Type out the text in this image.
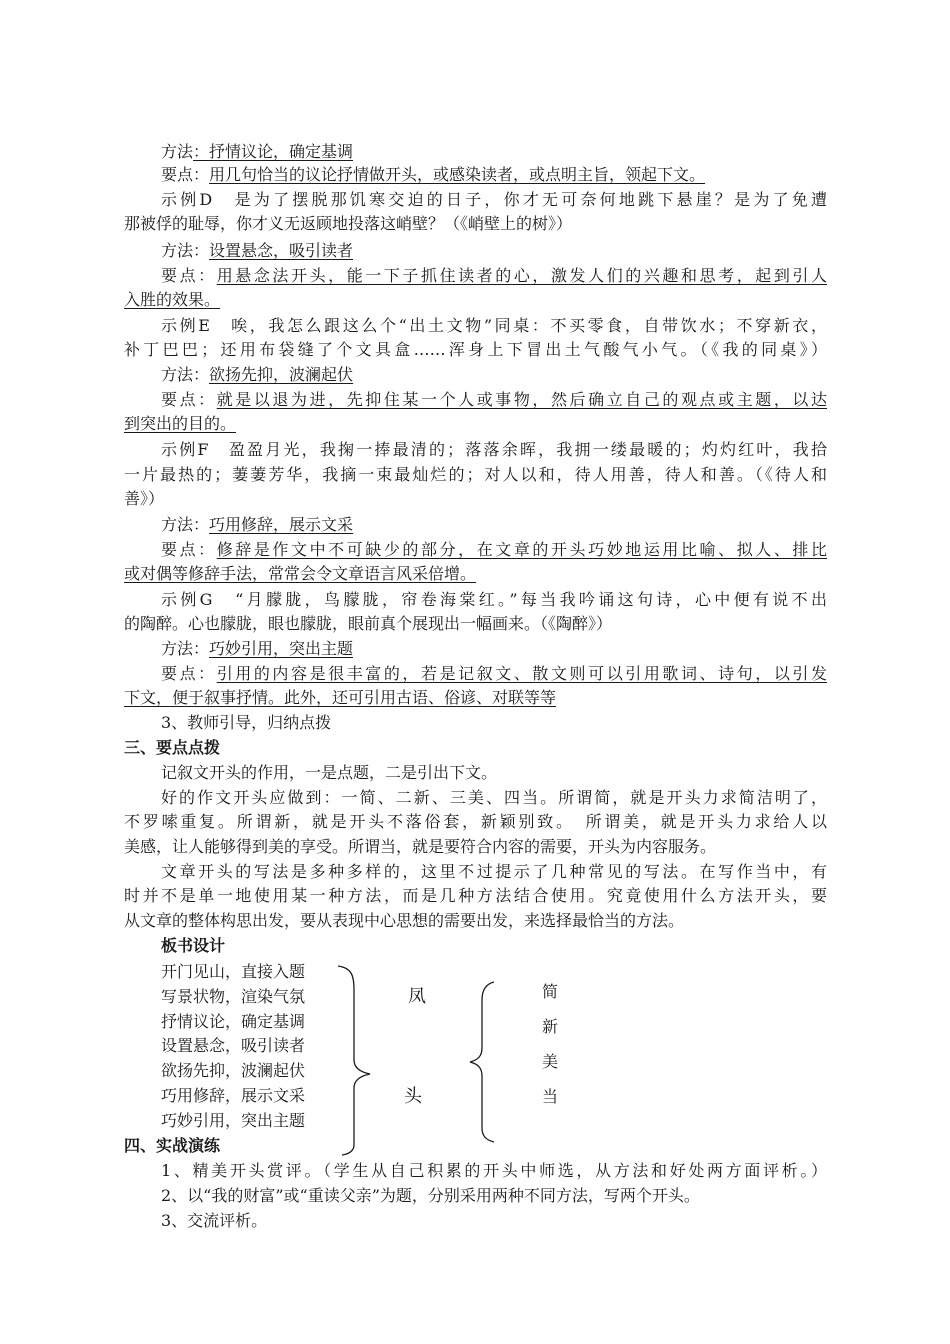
方法：抒情议论，确定基调
要点：用几句恰当的议论抒情做开头，或感染读者，或点明主旨，领起下文。
示例D　是为了摆脱那饥寒交迫的日子，你才无可奈何地跳下悬崖？是为了免遭
那被俘的耻辱，你才义无返顾地投落这峭壁？（《峭壁上的树》）
方法：设置悬念，吸引读者
要点：用悬念法开头，能一下子抓住读者的心，激发人们的兴趣和思考，起到引人
入胜的效果。
示例E　唉，我怎么跟这么个“出土文物”同桌：不买零食，自带饮水；不穿新衣，
补丁巴巴；还用布袋缝了个文具盒……浑身上下冒出土气酸气小气。（《我的同桌》）
方法：欲扬先抑，波澜起伏
要点：就是以退为进，先抑住某一个人或事物，然后确立自己的观点或主题，以达
到突出的目的。
示例F　盈盈月光，我掬一捧最清的；落落余晖，我拥一缕最暖的；灼灼红叶，我拾
一片最热的；萋萋芳华，我摘一束最灿烂的；对人以和，待人用善，待人和善。（《待人和
善》）
方法：巧用修辞，展示文采
要点：修辞是作文中不可缺少的部分，在文章的开头巧妙地运用比喻、拟人、排比
或对偶等修辞手法，常常会令文章语言风采倍增。
示例G　“月朦胧，鸟朦胧，帘卷海棠红。”每当我吟诵这句诗，心中便有说不出
的陶醉。心也朦胧，眼也朦胧，眼前真个展现出一幅画来。（《陶醉》）
方法：巧妙引用，突出主题
要点：引用的内容是很丰富的，若是记叙文、散文则可以引用歌词、诗句，以引发
下文，便于叙事抒情。此外，还可引用古语、俗谚、对联等等
3、教师引导，归纳点拨
三、要点点拨
记叙文开头的作用，一是点题，二是引出下文。
好的作文开头应做到：一简、二新、三美、四当。所谓简，就是开头力求简洁明了，
不罗嗦重复。所谓新，就是开头不落俗套，新颖别致。　所谓美，就是开头力求给人以
美感，让人能够得到美的享受。所谓当，就是要符合内容的需要，开头为内容服务。
文章开头的写法是多种多样的，这里不过提示了几种常见的写法。在写作当中，有
时并不是单一地使用某一种方法，而是几种方法结合使用。究竟使用什么方法开头，要
从文章的整体构思出发，要从表现中心思想的需要出发，来选择最恰当的方法。
板书设计
开门见山，直接入题
写景状物，渲染气氛
抒情议论，确定基调
设置悬念，吸引读者
欲扬先抑，波澜起伏
巧用修辞，展示文采
巧妙引用，突出主题
四、实战演练
1、精美开头赏评。（学生从自己积累的开头中师选，从方法和好处两方面评析。）
2、以“我的财富”或“重读父亲”为题，分别采用两种不同方法，写两个开头。
3、交流评析。
凤
头
简
新
美
当
